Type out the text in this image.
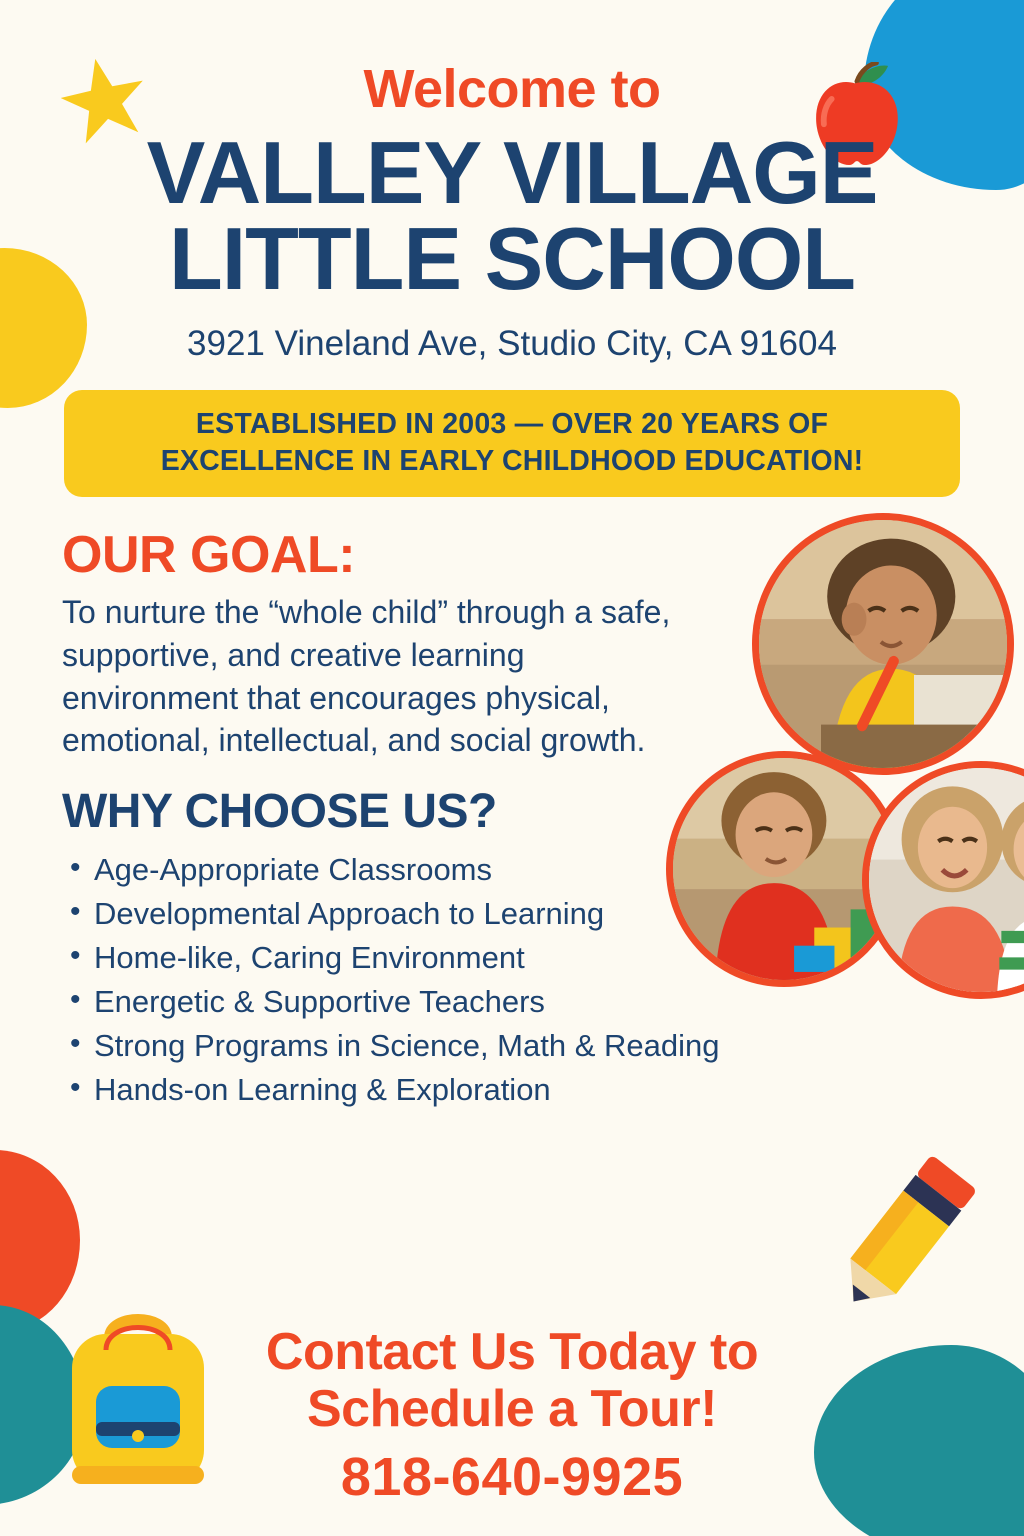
Welcome to
VALLEY VILLAGE
LITTLE SCHOOL
3921 Vineland Ave, Studio City, CA 91604
ESTABLISHED IN 2003 — OVER 20 YEARS OF
EXCELLENCE IN EARLY CHILDHOOD EDUCATION!
OUR GOAL:
To nurture the “whole child” through a safe, supportive, and creative learning environment that encourages physical, emotional, intellectual, and social growth.
WHY CHOOSE US?
• Age-Appropriate Classrooms
• Developmental Approach to Learning
• Home-like, Caring Environment
• Energetic & Supportive Teachers
• Strong Programs in Science, Math & Reading
• Hands-on Learning & Exploration
Contact Us Today to
Schedule a Tour!
818-640-9925
